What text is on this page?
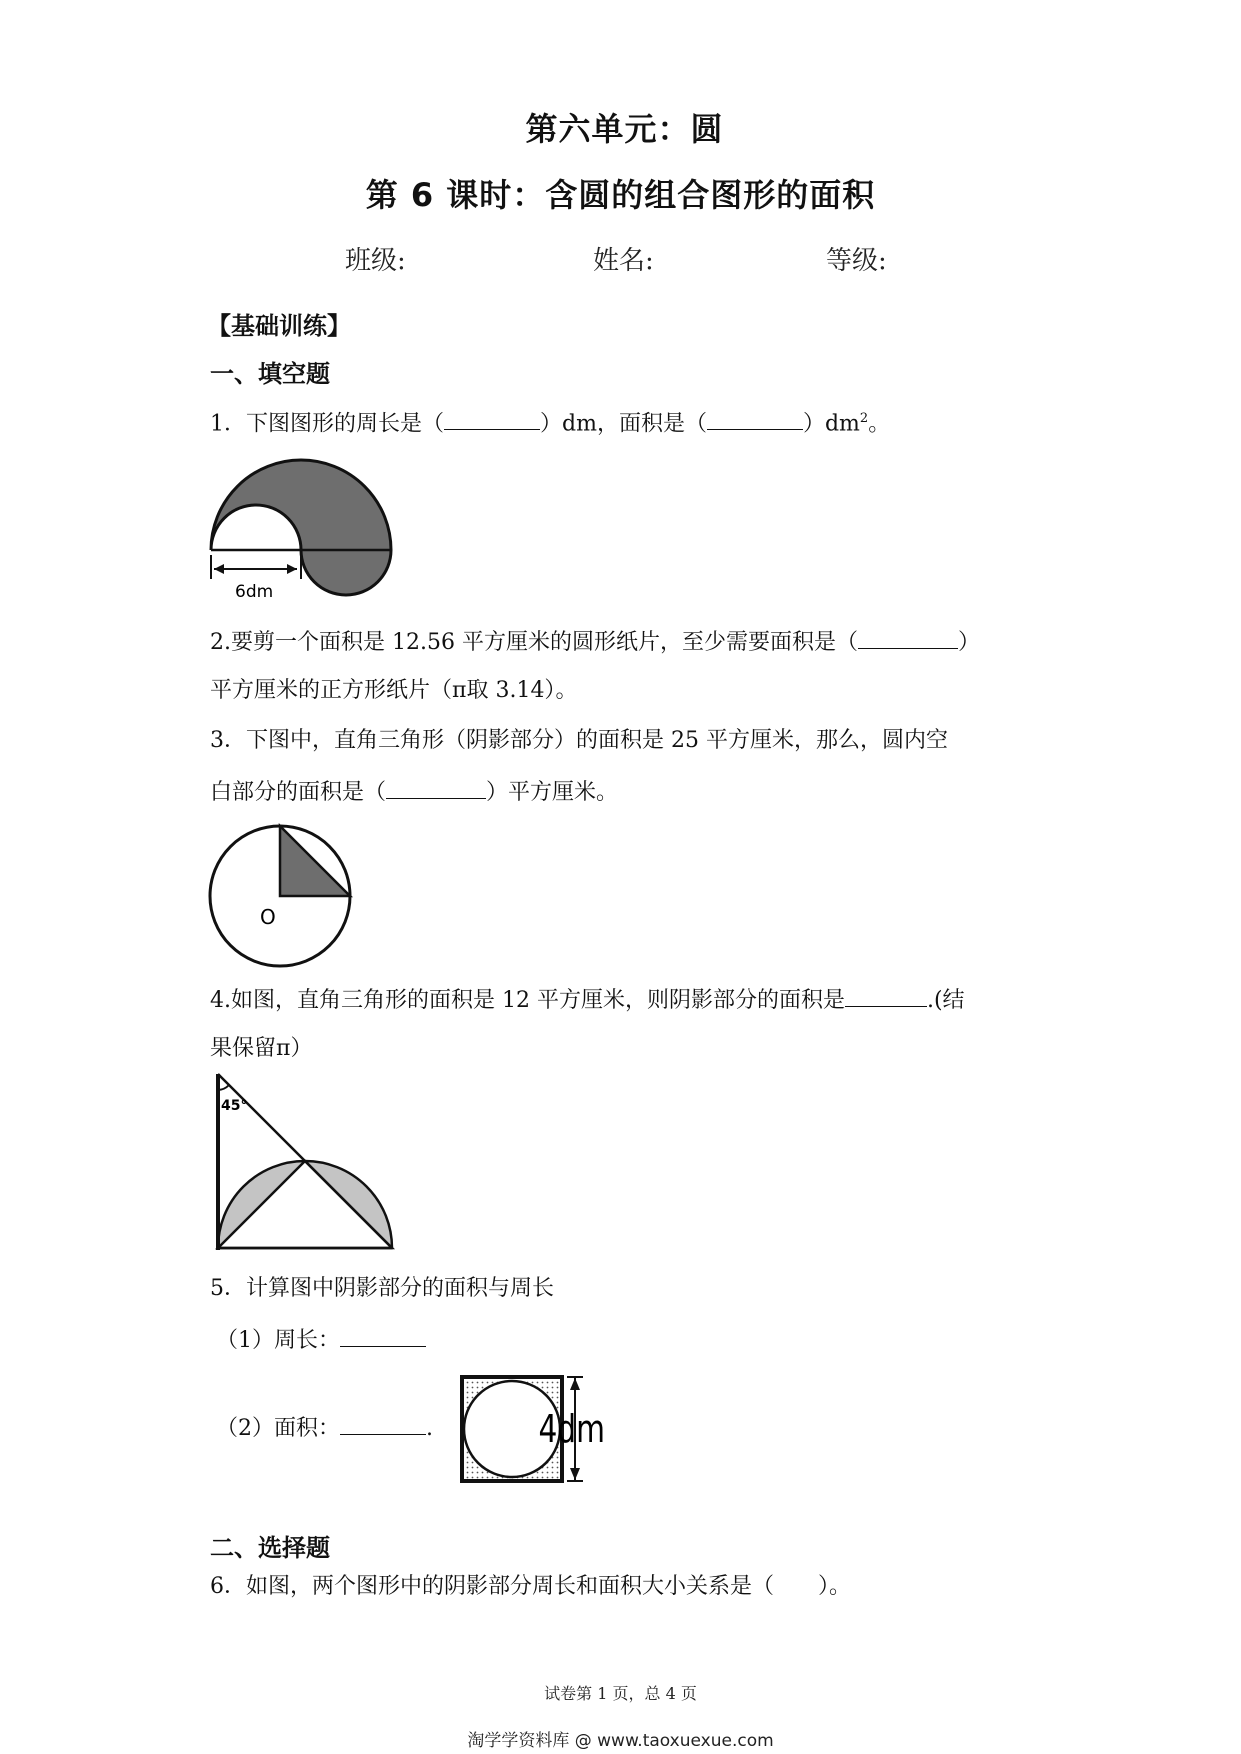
第六单元：圆
第 6 课时：含圆的组合图形的面积
班级:	姓名:	等级:
【基础训练】
一、填空题
1．下图图形的周长是（	）dm，面积是（	）$dm^2$。
6dm
2.要剪一个面积是 12.56 平方厘米的圆形纸片，至少需要面积是（	）
平方厘米的正方形纸片（π取 3.14）。
3．下图中，直角三角形（阴影部分）的面积是 25 平方厘米，那么，圆内空
白部分的面积是（	）平方厘米。
O
4.如图，直角三角形的面积是 12 平方厘米，则阴影部分的面积是	.(结
果保留π）
45°
5．计算图中阴影部分的面积与周长
（1）周长：
（2）面积：	.	4dm
二、选择题
6．如图，两个图形中的阴影部分周长和面积大小关系是（　　）。
试卷第 1 页，总 4 页
淘学学资料库 @ www.taoxuexue.com
